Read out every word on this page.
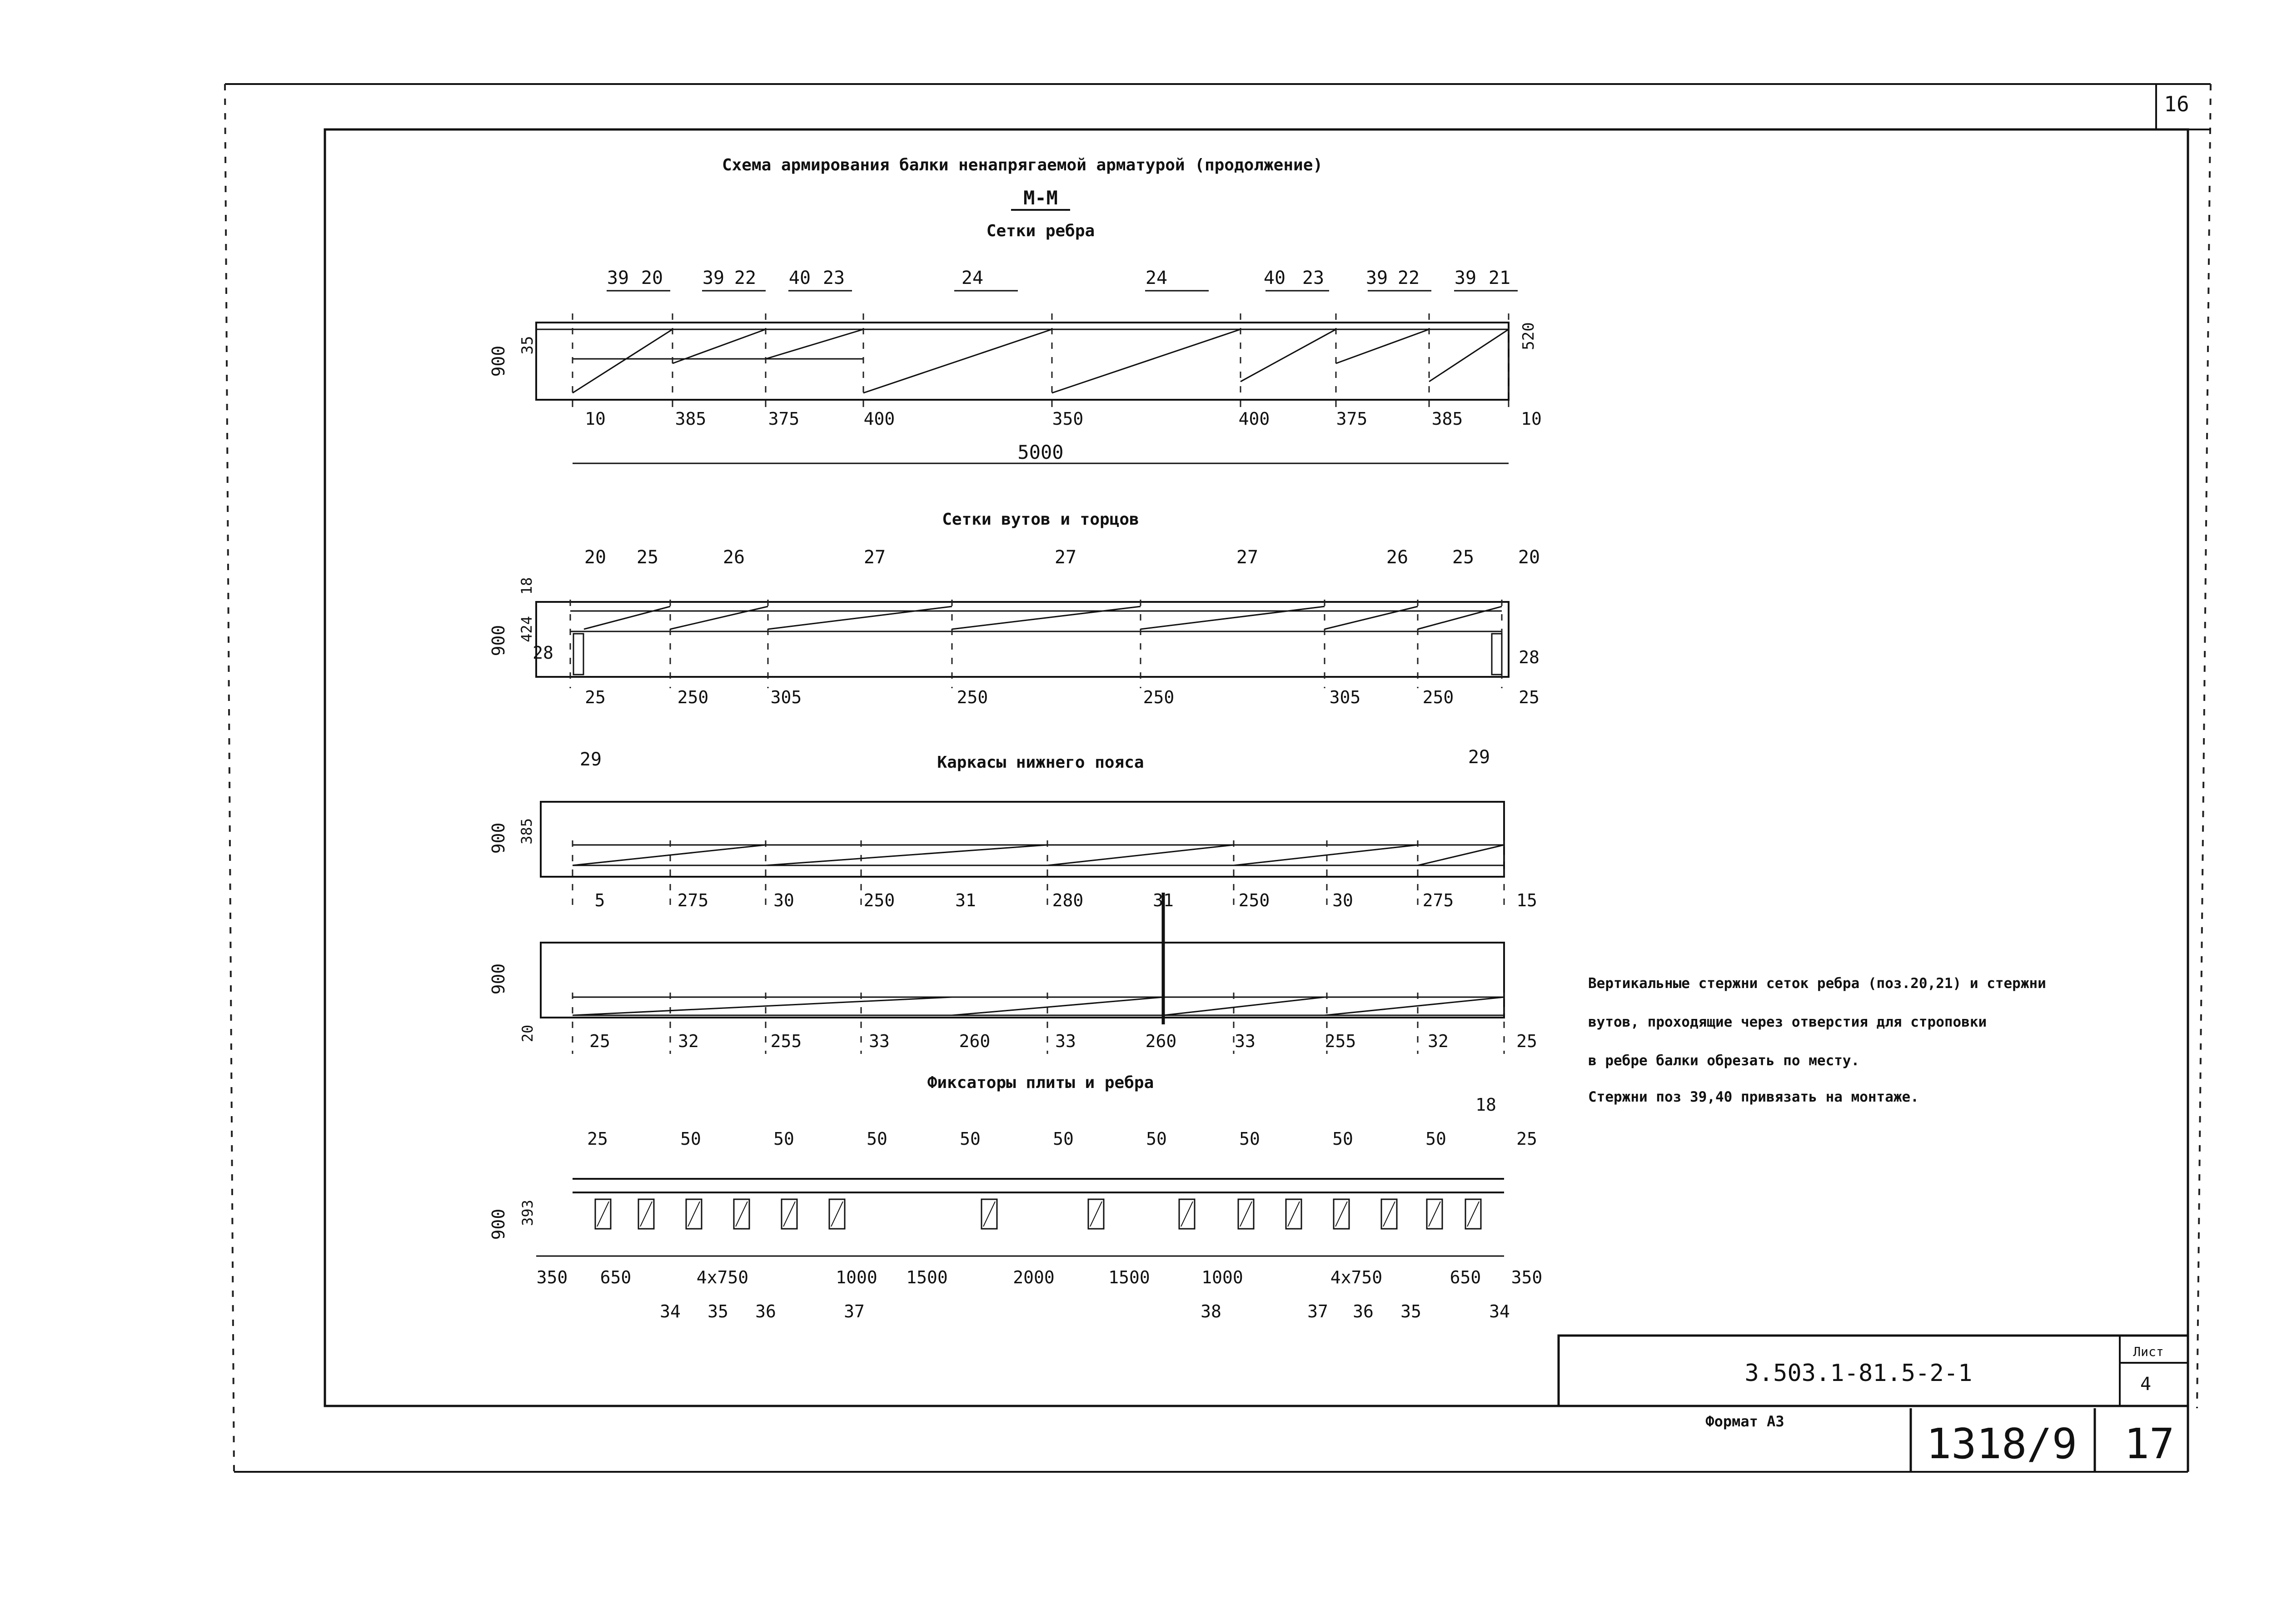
16
Схема армирования балки ненапрягаемой арматурой (продолжение)
М-М
Сетки ребра
Сетки вутов и торцов
Каркасы нижнего пояса
Фиксаторы плиты и ребра
Вертикальные стержни сеток ребра (поз.20,21) и стержни
вутов, проходящие через отверстия для строповки
в ребре балки обрезать по месту.
Стержни поз 39,40 привязать на монтаже.
3.503.1-81.5-2-1
Лист
4
Формат А3	1318/9 17
900
35	520
39 20 39 22 40 23	24	24	40 23 39 22 39 21
10	385	375	400	350	400	375	385	10
5000
900
18
424
20 25	26	27	27	27	26 25 20
28	28
25	250	305	250	250	305	250	25
900 385
29	29
5	275	30	250	31	280	31	250	30	275	15
900
20	25	32	255	33	260	33	260	33	255	32	25
900 393
25	50	50	50	50	50	50	50	50	50	25
18
350 650	4x750	1000 1500	2000	1500	1000	4x750	650 350
34 35 36	37	38	37 36 35	34
